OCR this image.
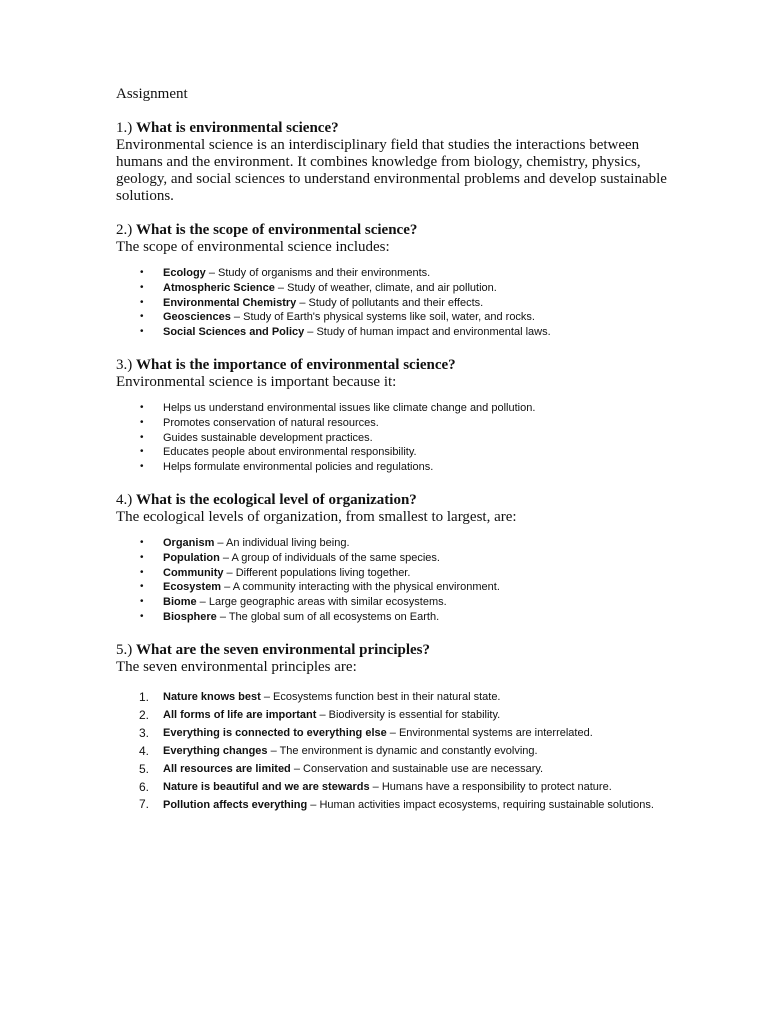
Assignment

1.) What is environmental science?

Environmental science is an interdisciplinary field that studies the interactions between humans and the environment. It combines knowledge from biology, chemistry, physics, geology, and social sciences to understand environmental problems and develop sustainable solutions.

2.) What is the scope of environmental science?

The scope of environmental science includes:

• Ecology – Study of organisms and their environments.
• Atmospheric Science – Study of weather, climate, and air pollution.
• Environmental Chemistry – Study of pollutants and their effects.
• Geosciences – Study of Earth's physical systems like soil, water, and rocks.
• Social Sciences and Policy – Study of human impact and environmental laws.

3.) What is the importance of environmental science?

Environmental science is important because it:

• Helps us understand environmental issues like climate change and pollution.
• Promotes conservation of natural resources.
• Guides sustainable development practices.
• Educates people about environmental responsibility.
• Helps formulate environmental policies and regulations.

4.) What is the ecological level of organization?

The ecological levels of organization, from smallest to largest, are:

• Organism – An individual living being.
• Population – A group of individuals of the same species.
• Community – Different populations living together.
• Ecosystem – A community interacting with the physical environment.
• Biome – Large geographic areas with similar ecosystems.
• Biosphere – The global sum of all ecosystems on Earth.

5.) What are the seven environmental principles?

The seven environmental principles are:

1. Nature knows best – Ecosystems function best in their natural state.
2. All forms of life are important – Biodiversity is essential for stability.
3. Everything is connected to everything else – Environmental systems are interrelated.
4. Everything changes – The environment is dynamic and constantly evolving.
5. All resources are limited – Conservation and sustainable use are necessary.
6. Nature is beautiful and we are stewards – Humans have a responsibility to protect nature.
7. Pollution affects everything – Human activities impact ecosystems, requiring sustainable solutions.
